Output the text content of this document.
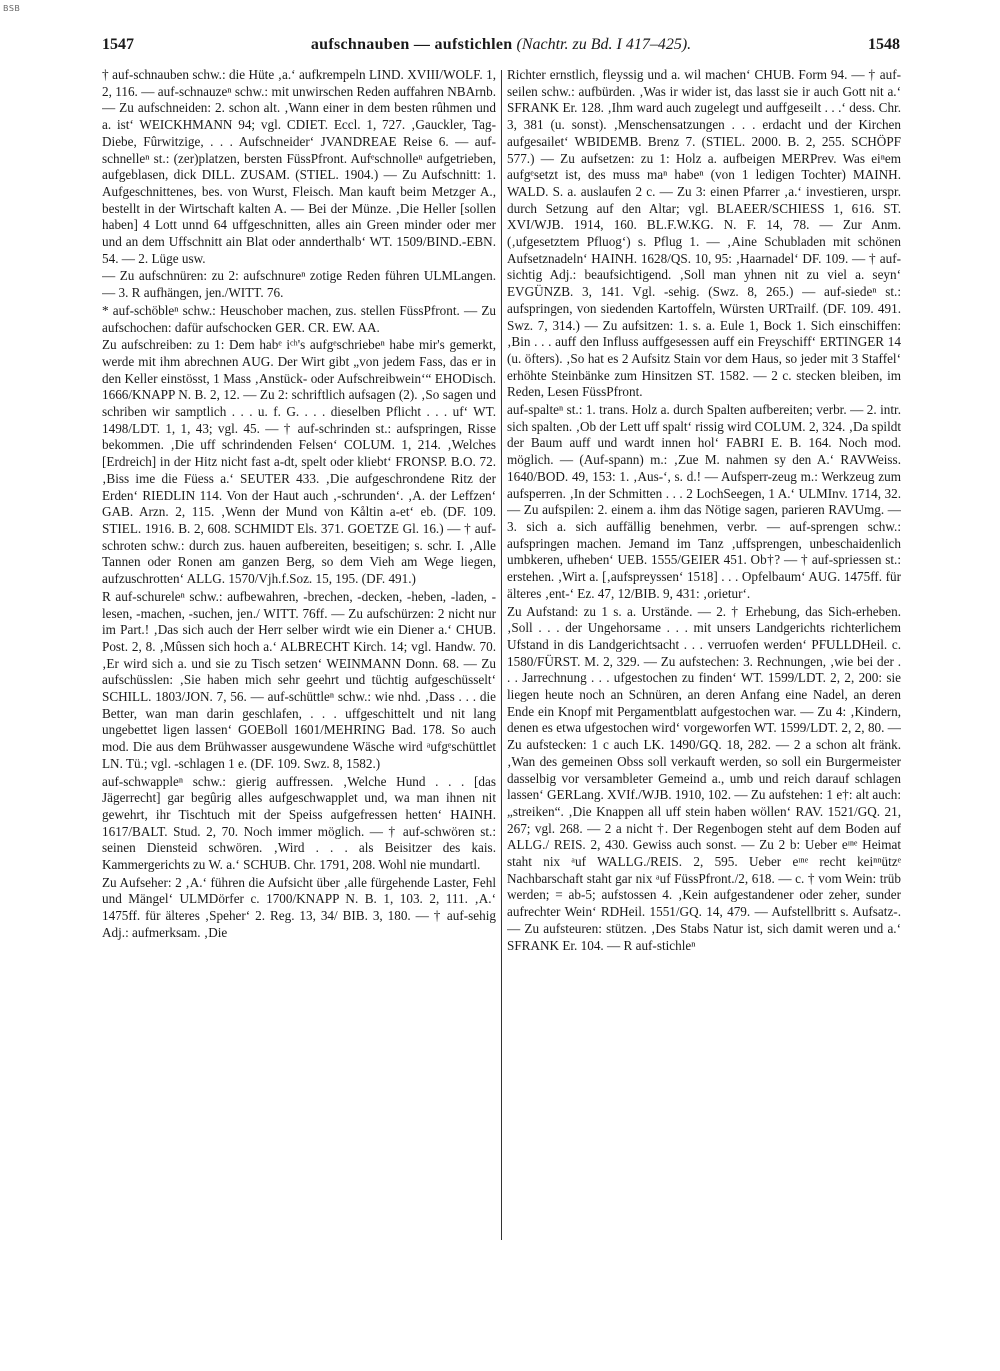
BSB
1547	aufschnauben — aufstichlen (Nachtr. zu Bd. I 417–425).	1548

† auf-schnauben schw.: die Hüte ‚a.‘ aufkrempeln LIND. XVIII/WOLF. 1, 2, 116. — auf-schnauzeⁿ schw.: mit unwirschen Reden auffahren NBArnb. — Zu aufschneiden: 2. schon alt. ‚Wann einer in dem besten rûhmen und a. ist‘ WEICKHMANN 94; vgl. CDIET. Eccl. 1, 727. ‚Gauckler, Tag-Diebe, Fûrwitzige, . . . Aufschneider‘ JVANDREAE Reise 6. — auf-schnelleⁿ st.: (zer)platzen, bersten FüssPfront. Aufᵉschnolleⁿ aufgetrieben, aufgeblasen, dick DILL. ZUSAM. (STIEL. 1904.) — Zu Aufschnitt: 1. Aufgeschnittenes, bes. von Wurst, Fleisch. Man kauft beim Metzger A., bestellt in der Wirtschaft kalten A. — Bei der Münze. ‚Die Heller [sollen haben] 4 Lott unnd 64 uffgeschnitten, alles ain Green minder oder mer und an dem Uffschnitt ain Blat oder annderthalb‘ WT. 1509/BIND.-EBN. 54. — 2. Lüge usw.

— Zu aufschnüren: zu 2: aufschnureⁿ zotige Reden führen ULMLangen. — 3. R aufhängen, jen./WITT. 76.

* auf-schöbleⁿ schw.: Heuschober machen, zus. stellen FüssPfront. — Zu aufschochen: dafür aufschocken GER. CR. EW. AA.

Zu aufschreiben: zu 1: Dem habᵉ iᶜʰ's aufgᵉschriebeⁿ habe mir's gemerkt, werde mit ihm abrechnen AUG. Der Wirt gibt „von jedem Fass, das er in den Keller einstösst, 1 Mass ‚Anstück- oder Aufschreibwein‘“ EHODisch. 1666/KNAPP N. B. 2, 12. — Zu 2: schriftlich aufsagen (2). ‚So sagen und schriben wir samptlich . . . u. f. G. . . . dieselben Pflicht . . . uf‘ WT. 1498/LDT. 1, 1, 43; vgl. 45. — † auf-schrinden st.: aufspringen, Risse bekommen. ‚Die uff schrindenden Felsen‘ COLUM. 1, 214. ‚Welches [Erdreich] in der Hitz nicht fast a-dt, spelt oder kliebt‘ FRONSP. B.O. 72. ‚Biss ime die Füess a.‘ SEUTER 433. ‚Die aufgeschrondene Ritz der Erden‘ RIEDLIN 114. Von der Haut auch ‚-schrunden‘. ‚A. der Leffzen‘ GAB. Arzn. 2, 115. ‚Wenn der Mund von Kåltin a-et‘ eb. (DF. 109. STIEL. 1916. B. 2, 608. SCHMIDT Els. 371. GOETZE Gl. 16.) — † auf-schroten schw.: durch zus. hauen aufbereiten, beseitigen; s. schr. I. ‚Alle Tannen oder Ronen am ganzen Berg, so dem Vieh am Wege liegen, aufzuschrotten‘ ALLG. 1570/Vjh.f.Soz. 15, 195. (DF. 491.)

R auf-schureleⁿ schw.: aufbewahren, -brechen, -decken, -heben, -laden, -lesen, -machen, -suchen, jen./ WITT. 76ff. — Zu aufschürzen: 2 nicht nur im Part.! ‚Das sich auch der Herr selber wirdt wie ein Diener a.‘ CHUB. Post. 2, 8. ‚Mûssen sich hoch a.‘ ALBRECHT Kirch. 14; vgl. Handw. 70. ‚Er wird sich a. und sie zu Tisch setzen‘ WEINMANN Donn. 68. — Zu aufschüsslen: ‚Sie haben mich sehr geehrt und tüchtig aufgeschüsselt‘ SCHILL. 1803/JON. 7, 56. — auf-schüttleⁿ schw.: wie nhd. ‚Dass . . . die Better, wan man darin geschlafen, . . . uffgeschittelt und nit lang ungebettet ligen lassen‘ GOEBoll 1601/MEHRING Bad. 178. So auch mod. Die aus dem Brühwasser ausgewundene Wäsche wird ᵃufgᵉschüttlet LN. Tü.; vgl. -schlagen 1 e. (DF. 109. Swz. 8, 1582.)

auf-schwappleⁿ schw.: gierig auffressen. ‚Welche Hund . . . [das Jägerrecht] gar begûrig alles aufgeschwapplet und, wa man ihnen nit gewehrt, ihr Tischtuch mit der Speiss aufgefressen hetten‘ HAINH. 1617/BALT. Stud. 2, 70. Noch immer möglich. — † auf-schwören st.: seinen Diensteid schwören. ‚Wird . . . als Beisitzer des kais. Kammergerichts zu W. a.‘ SCHUB. Chr. 1791, 208. Wohl nie mundartl.

Zu Aufseher: 2 ‚A.‘ führen die Aufsicht über ‚alle fürgehende Laster, Fehl und Mängel‘ ULMDörfer c. 1700/KNAPP N. B. 1, 103. 2, 111. ‚A.‘ 1475ff. für älteres ‚Speher‘ 2. Reg. 13, 34/ BIB. 3, 180. — † auf-sehig Adj.: aufmerksam. ‚Die

Richter ernstlich, fleyssig und a. wil machen‘ CHUB. Form 94. — † auf-seilen schw.: aufbürden. ‚Was ir wider ist, das lasst sie ir auch Gott nit a.‘ SFRANK Er. 128. ‚Ihm ward auch zugelegt und auffgeseilt . . .‘ dess. Chr. 3, 381 (u. sonst). ‚Menschensatzungen . . . erdacht und der Kirchen aufgesailet‘ WBIDEMB. Brenz 7. (STIEL. 2000. B. 2, 255. SCHÖPF 577.) — Zu aufsetzen: zu 1: Holz a. aufbeigen MERPrev. Was eiⁿem aufgᵉsetzt ist, des muss maⁿ habeⁿ (von 1 ledigen Tochter) MAINH. WALD. S. a. auslaufen 2 c. — Zu 3: einen Pfarrer ‚a.‘ investieren, urspr. durch Setzung auf den Altar; vgl. BLAEER/SCHIESS 1, 616. ST. XVI/WJB. 1914, 160. BL.F.W.KG. N. F. 14, 78. — Zur Anm. (‚ufgesetztem Pfluog‘) s. Pflug 1. — ‚Aine Schubladen mit schönen Aufsetznadeln‘ HAINH. 1628/QS. 10, 95: ‚Haarnadel‘ DF. 109. — † auf-sichtig Adj.: beaufsichtigend. ‚Soll man yhnen nit zu viel a. seyn‘ EVGÜNZB. 3, 141. Vgl. -sehig. (Swz. 8, 265.) — auf-siedeⁿ st.: aufspringen, von siedenden Kartoffeln, Würsten URTrailf. (DF. 109. 491. Swz. 7, 314.) — Zu aufsitzen: 1. s. a. Eule 1, Bock 1. Sich einschiffen: ‚Bin . . . auff den Influss auffgesessen auff ein Freyschiff‘ ERTINGER 14 (u. öfters). ‚So hat es 2 Aufsitz Stain vor dem Haus, so jeder mit 3 Staffel‘ erhöhte Steinbänke zum Hinsitzen ST. 1582. — 2 c. stecken bleiben, im Reden, Lesen FüssPfront.

auf-spalteⁿ st.: 1. trans. Holz a. durch Spalten aufbereiten; verbr. — 2. intr. sich spalten. ‚Ob der Lett uff spalt‘ rissig wird COLUM. 2, 324. ‚Da spildt der Baum auff und wardt innen hol‘ FABRI E. B. 164. Noch mod. möglich. — (Auf-spann) m.: ‚Zue M. nahmen sy den A.‘ RAVWeiss. 1640/BOD. 49, 153: 1. ‚Aus-‘, s. d.! — Aufsperr-zeug m.: Werkzeug zum aufsperren. ‚In der Schmitten . . . 2 LochSeegen, 1 A.‘ ULMInv. 1714, 32. — Zu aufspilen: 2. einem a. ihm das Nötige sagen, parieren RAVUmg. — 3. sich a. sich auffällig benehmen, verbr. — auf-sprengen schw.: aufspringen machen. Jemand im Tanz ‚uffsprengen, unbeschaidenlich umbkeren, ufheben‘ UEB. 1555/GEIER 451. Ob†? — † auf-spriessen st.: erstehen. ‚Wirt a. [‚aufspreyssen‘ 1518] . . . Opfelbaum‘ AUG. 1475ff. für älteres ‚ent-‘ Ez. 47, 12/BIB. 9, 431: ‚orietur‘.

Zu Aufstand: zu 1 s. a. Urstände. — 2. † Erhebung, das Sich-erheben. ‚Soll . . . der Ungehorsame . . . mit unsers Landgerichts richterlichem Ufstand in dis Landgerichtsacht . . . verruofen werden‘ PFULLDHeil. c. 1580/FÜRST. M. 2, 329. — Zu aufstechen: 3. Rechnungen, ‚wie bei der . . . Jarrechnung . . . ufgestochen zu finden‘ WT. 1599/LDT. 2, 2, 200: sie liegen heute noch an Schnüren, an deren Anfang eine Nadel, an deren Ende ein Knopf mit Pergamentblatt aufgestochen war. — Zu 4: ‚Kindern, denen es etwa ufgestochen wird‘ vorgeworfen WT. 1599/LDT. 2, 2, 80. — Zu aufstecken: 1 c auch LK. 1490/GQ. 18, 282. — 2 a schon alt fränk. ‚Wan des gemeinen Obss soll verkauft werden, so soll ein Burgermeister dasselbig vor versambleter Gemeind a., umb und reich darauf schlagen lassen‘ GERLang. XVIf./WJB. 1910, 102. — Zu aufstehen: 1 e†: alt auch: „streiken“. ‚Die Knappen all uff stein haben wöllen‘ RAV. 1521/GQ. 21, 267; vgl. 268. — 2 a nicht †. Der Regenbogen steht auf dem Boden auf ALLG./ REIS. 2, 430. Gewiss auch sonst. — Zu 2 b: Ueber eᶦⁿᵉ Heimat staht nix ᵃuf WALLG./REIS. 2, 595. Ueber eᶦⁿᵉ recht keiⁿⁿützᵉ Nachbarschaft staht gar nix ᵃuf FüssPfront./2, 618. — c. † vom Wein: trüb werden; = ab-5; aufstossen 4. ‚Kein aufgestandener oder zeher, sunder aufrechter Wein‘ RDHeil. 1551/GQ. 14, 479. — Aufstellbritt s. Aufsatz-. — Zu aufsteuren: stützen. ‚Des Stabs Natur ist, sich damit weren und a.‘ SFRANK Er. 104. — R auf-stichleⁿ
